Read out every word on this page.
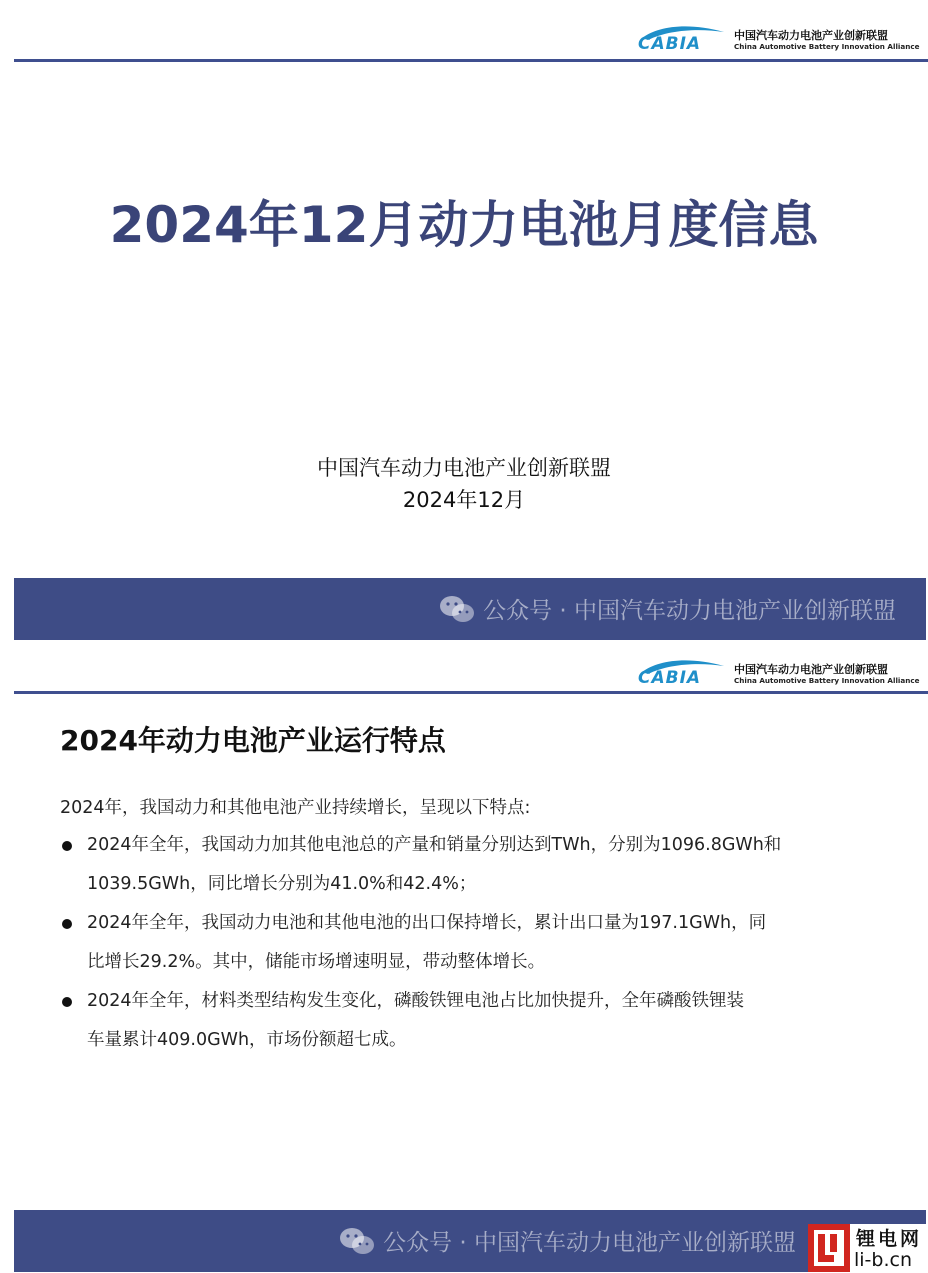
CABIA	中国汽车动力电池产业创新联盟
China Automotive Battery Innovation Alliance
2024年12月动力电池月度信息
中国汽车动力电池产业创新联盟
2024年12月
公众号 · 中国汽车动力电池产业创新联盟
CABIA	中国汽车动力电池产业创新联盟
China Automotive Battery Innovation Alliance
2024年动力电池产业运行特点
2024年，我国动力和其他电池产业持续增长，呈现以下特点:
2024年全年，我国动力加其他电池总的产量和销量分别达到TWh，分别为1096.8GWh和
1039.5GWh，同比增长分别为41.0%和42.4%；
2024年全年，我国动力电池和其他电池的出口保持增长，累计出口量为197.1GWh，同
比增长29.2%。其中，储能市场增速明显，带动整体增长。
2024年全年，材料类型结构发生变化，磷酸铁锂电池占比加快提升，全年磷酸铁锂装
车量累计409.0GWh，市场份额超七成。
公众号 · 中国汽车动力电池产业创新联盟	锂电网
li-b.cn
